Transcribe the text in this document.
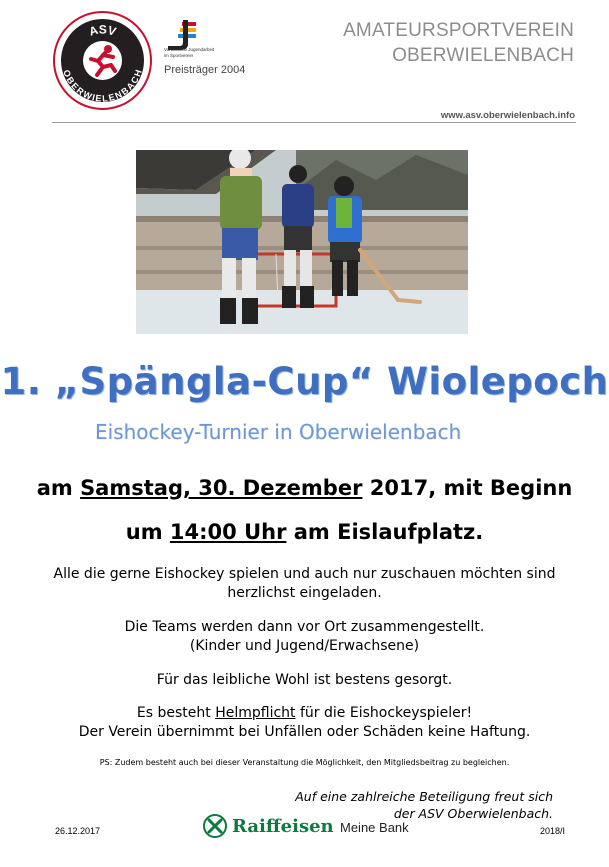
ASV
OBERWIELENBACH
Vorbildliche Jugendarbeit
im Sportverein
Preisträger 2004
AMATEURSPORTVEREIN
OBERWIELENBACH
www.asv.oberwielenbach.info
1. „Spängla-Cup“ Wiolepoch
Eishockey-Turnier in Oberwielenbach
am Samstag, 30. Dezember 2017, mit Beginn
um 14:00 Uhr am Eislaufplatz.
Alle die gerne Eishockey spielen und auch nur zuschauen möchten sind
herzlichst eingeladen.
Die Teams werden dann vor Ort zusammengestellt.
(Kinder und Jugend/Erwachsene)
Für das leibliche Wohl ist bestens gesorgt.
Es besteht Helmpflicht für die Eishockeyspieler!
Der Verein übernimmt bei Unfällen oder Schäden keine Haftung.
PS: Zudem besteht auch bei dieser Veranstaltung die Möglichkeit, den Mitgliedsbeitrag zu begleichen.
Auf eine zahlreiche Beteiligung freut sich
der ASV Oberwielenbach.
26.12.2017	Raiffeisen Meine Bank	2018/I
